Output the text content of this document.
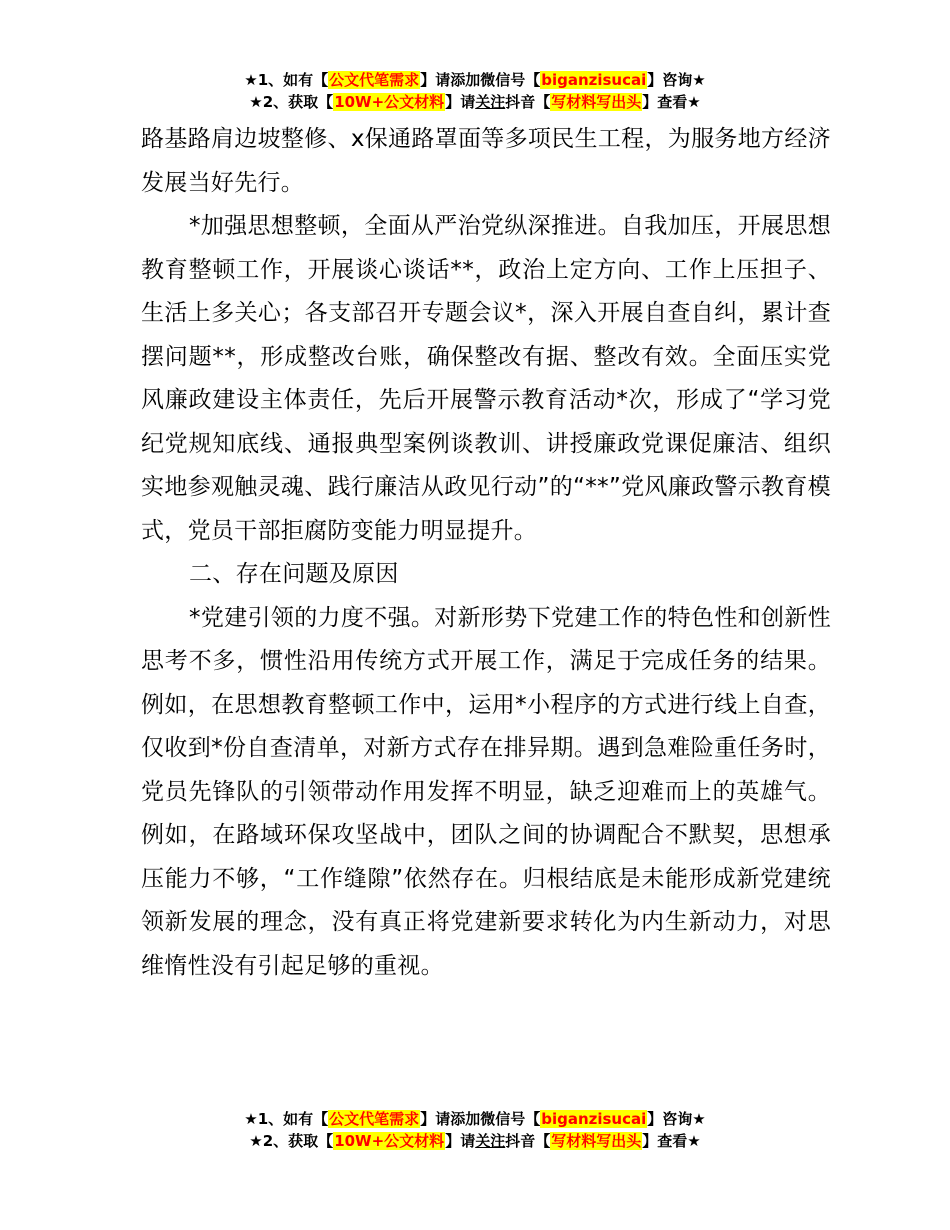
★1、如有【公文代笔需求】请添加微信号【biganzisucai】咨询★
★2、获取【10W+公文材料】请关注抖音【写材料写出头】查看★

路基路肩边坡整修、x保通路罩面等多项民生工程，为服务地方经济发展当好先行。

*加强思想整顿，全面从严治党纵深推进。自我加压，开展思想教育整顿工作，开展谈心谈话**，政治上定方向、工作上压担子、生活上多关心；各支部召开专题会议*，深入开展自查自纠，累计查摆问题**，形成整改台账，确保整改有据、整改有效。全面压实党风廉政建设主体责任，先后开展警示教育活动*次，形成了“学习党纪党规知底线、通报典型案例谈教训、讲授廉政党课促廉洁、组织实地参观触灵魂、践行廉洁从政见行动”的“**”党风廉政警示教育模式，党员干部拒腐防变能力明显提升。

二、存在问题及原因

*党建引领的力度不强。对新形势下党建工作的特色性和创新性思考不多，惯性沿用传统方式开展工作，满足于完成任务的结果。例如，在思想教育整顿工作中，运用*小程序的方式进行线上自查，仅收到*份自查清单，对新方式存在排异期。遇到急难险重任务时，党员先锋队的引领带动作用发挥不明显，缺乏迎难而上的英雄气。例如，在路域环保攻坚战中，团队之间的协调配合不默契，思想承压能力不够，“工作缝隙”依然存在。归根结底是未能形成新党建统领新发展的理念，没有真正将党建新要求转化为内生新动力，对思维惰性没有引起足够的重视。

★1、如有【公文代笔需求】请添加微信号【biganzisucai】咨询★
★2、获取【10W+公文材料】请关注抖音【写材料写出头】查看★
